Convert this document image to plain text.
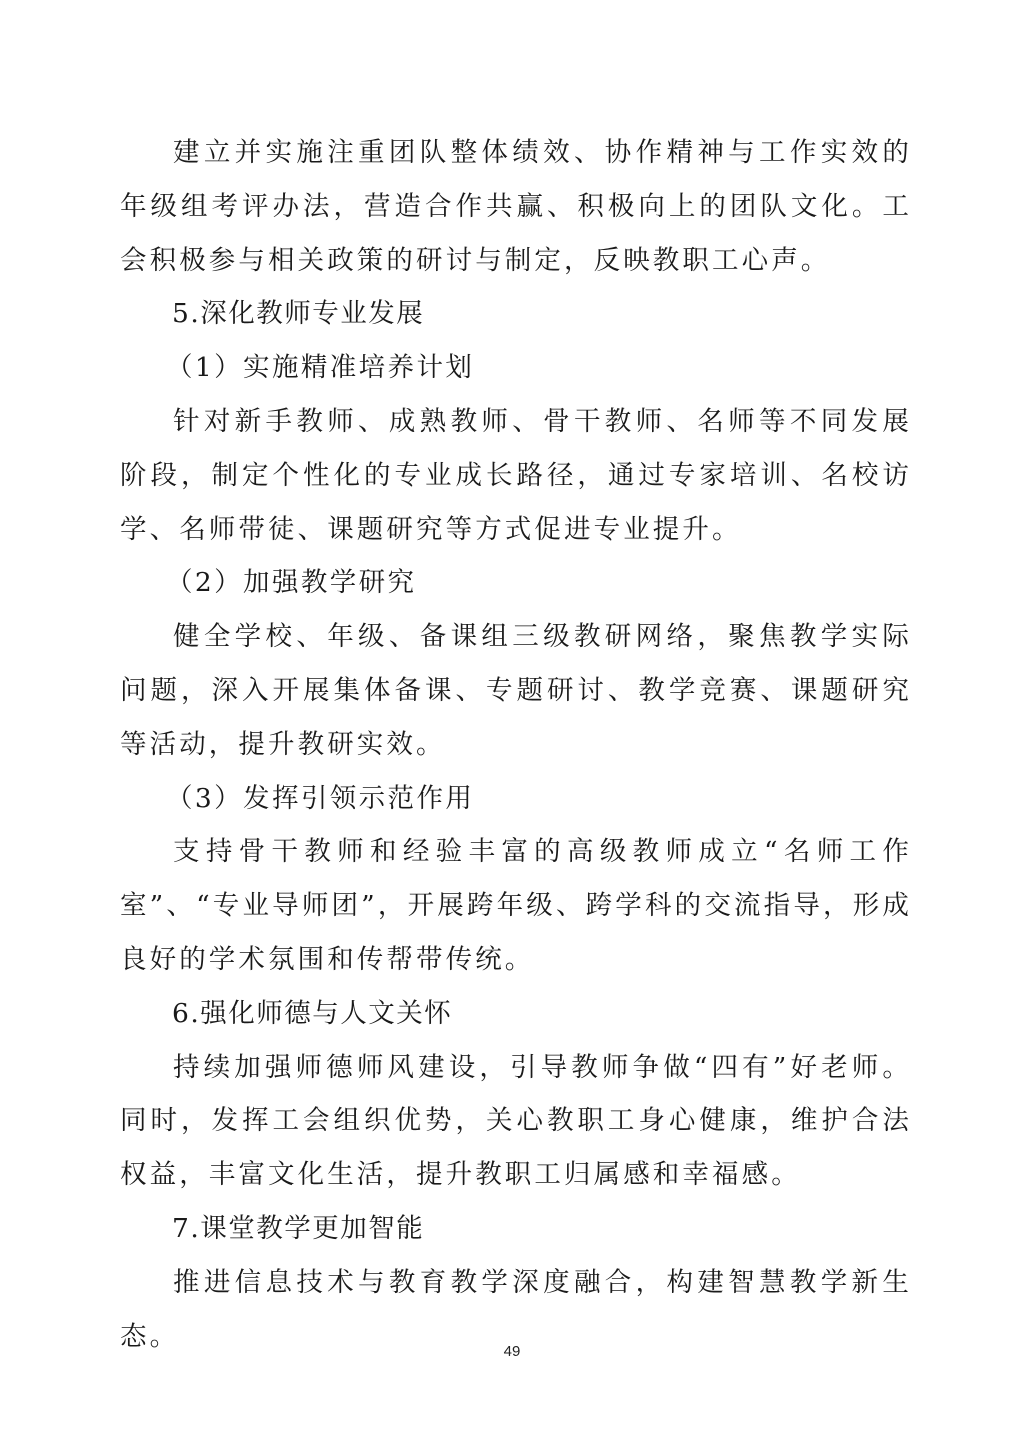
建立并实施注重团队整体绩效、协作精神与工作实效的年级组考评办法，营造合作共赢、积极向上的团队文化。工会积极参与相关政策的研讨与制定，反映教职工心声。

5.深化教师专业发展

（1）实施精准培养计划

针对新手教师、成熟教师、骨干教师、名师等不同发展阶段，制定个性化的专业成长路径，通过专家培训、名校访学、名师带徒、课题研究等方式促进专业提升。

（2）加强教学研究

健全学校、年级、备课组三级教研网络，聚焦教学实际问题，深入开展集体备课、专题研讨、教学竞赛、课题研究等活动，提升教研实效。

（3）发挥引领示范作用

支持骨干教师和经验丰富的高级教师成立“名师工作室”、“专业导师团”，开展跨年级、跨学科的交流指导，形成良好的学术氛围和传帮带传统。

6.强化师德与人文关怀

持续加强师德师风建设，引导教师争做“四有”好老师。同时，发挥工会组织优势，关心教职工身心健康，维护合法权益，丰富文化生活，提升教职工归属感和幸福感。

7.课堂教学更加智能

推进信息技术与教育教学深度融合，构建智慧教学新生态。	49
